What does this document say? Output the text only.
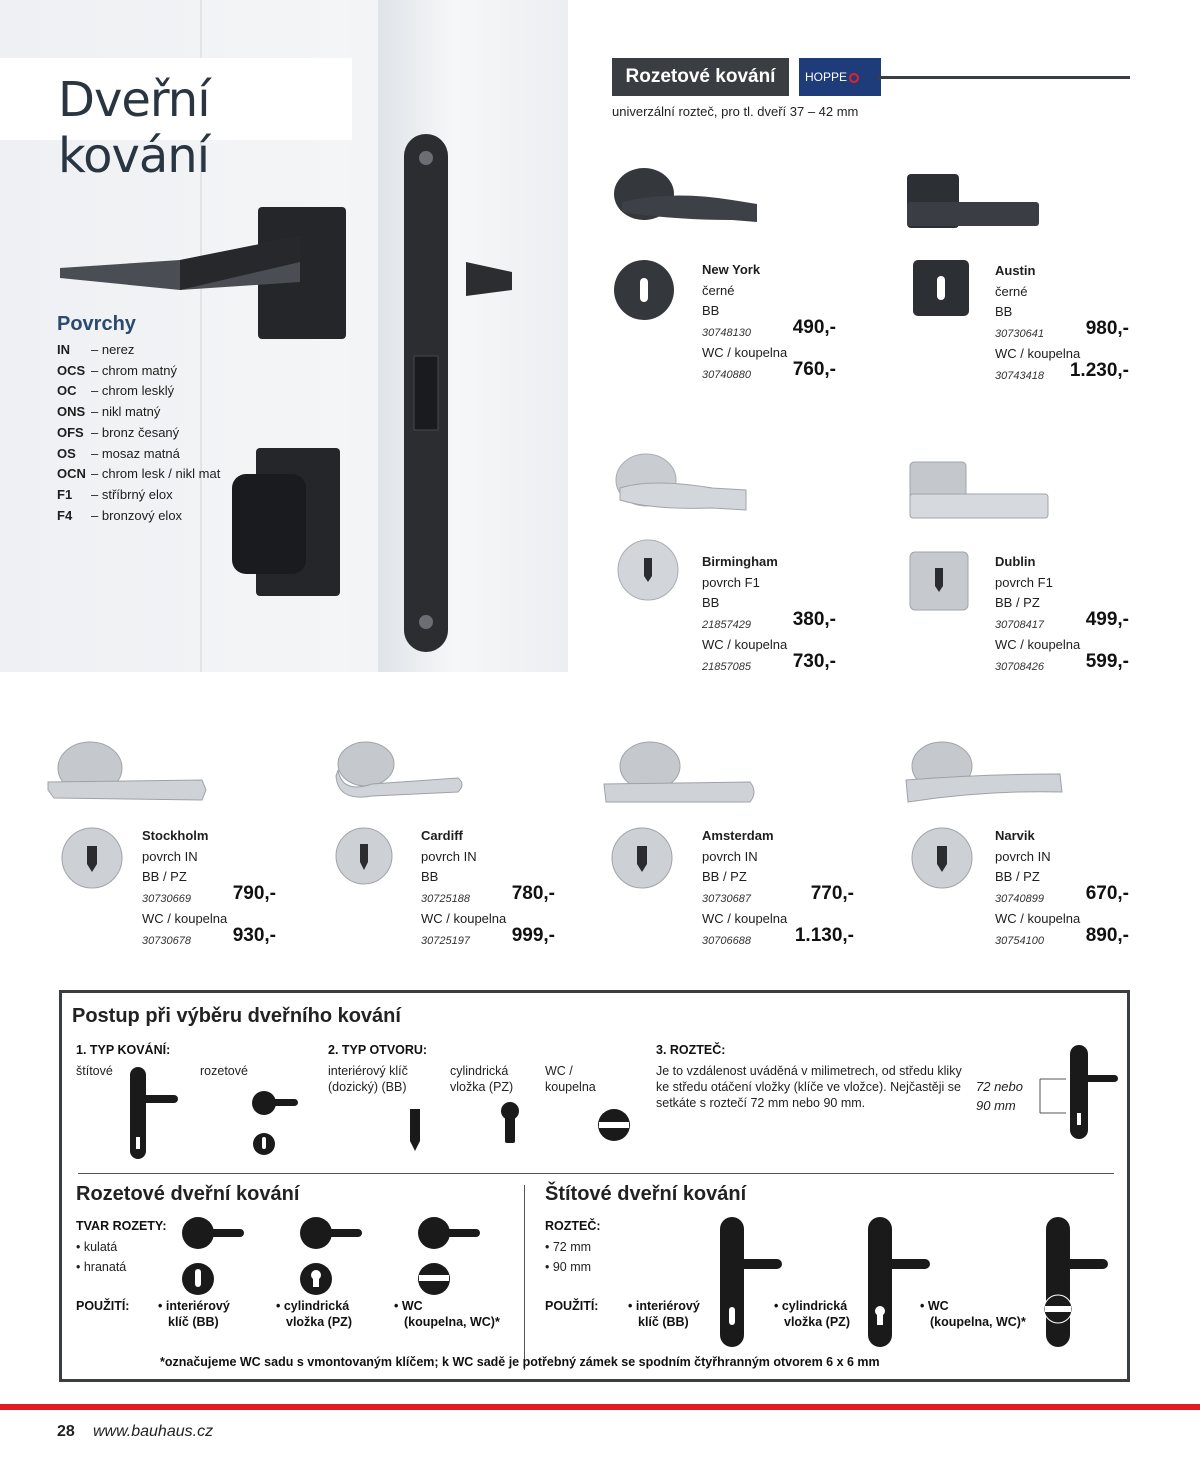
Dveřní kování
Povrchy
IN	– nerez
OCS – chrom matný
OC	– chrom lesklý
ONS – nikl matný
OFS – bronz česaný
OS	– mosaz matná
OCN – chrom lesk / nikl mat
F1	– stříbrný elox
F4	– bronzový elox
Rozetové kování	HOPPE
univerzální rozteč, pro tl. dveří 37 – 42 mm
New York
černé
BB
30748130 490,-
WC / koupelna
30740880 760,-
Austin
černé
BB
30730641 980,-
WC / koupelna
30743418 1.230,-
Birmingham
povrch F1
BB
21857429 380,-
WC / koupelna
21857085 730,-
Dublin
povrch F1
BB / PZ
30708417 499,-
WC / koupelna
30708426 599,-
Stockholm
povrch IN
BB / PZ
30730669 790,-
WC / koupelna
30730678 930,-
Cardiff
povrch IN
BB
30725188 780,-
WC / koupelna
30725197 999,-
Amsterdam
povrch IN
BB / PZ
30730687	770,-
WC / koupelna
30706688 1.130,-
Narvik
povrch IN
BB / PZ
30740899 670,-
WC / koupelna
30754100 890,-
Postup při výběru dveřního kování
1. TYP KOVÁNÍ:
štítové	rozetové
2. TYP OTVORU:
interiérový klíč (dozický) (BB)
cylindrická vložka (PZ)
WC / koupelna
3. ROZTEČ:
Je to vzdálenost uváděná v milimetrech, od středu kliky ke středu otáčení vložky (klíče ve vložce). Nejčastěji se setkáte s roztečí 72 mm nebo 90 mm.
72 nebo
90 mm
Rozetové dveřní kování
TVAR ROZETY:
• kulatá
• hranatá
POUŽITÍ: • interiérový
klíč (BB)
• cylindrická
vložka (PZ)
• WC
(koupelna, WC)*
Štítové dveřní kování
ROZTEČ:
• 72 mm
• 90 mm
POUŽITÍ: • interiérový
klíč (BB)
• cylindrická
vložka (PZ)
• WC
(koupelna, WC)*
*označujeme WC sadu s vmontovaným klíčem; k WC sadě je potřebný zámek se spodním čtyřhranným otvorem 6 x 6 mm
28 www.bauhaus.cz
